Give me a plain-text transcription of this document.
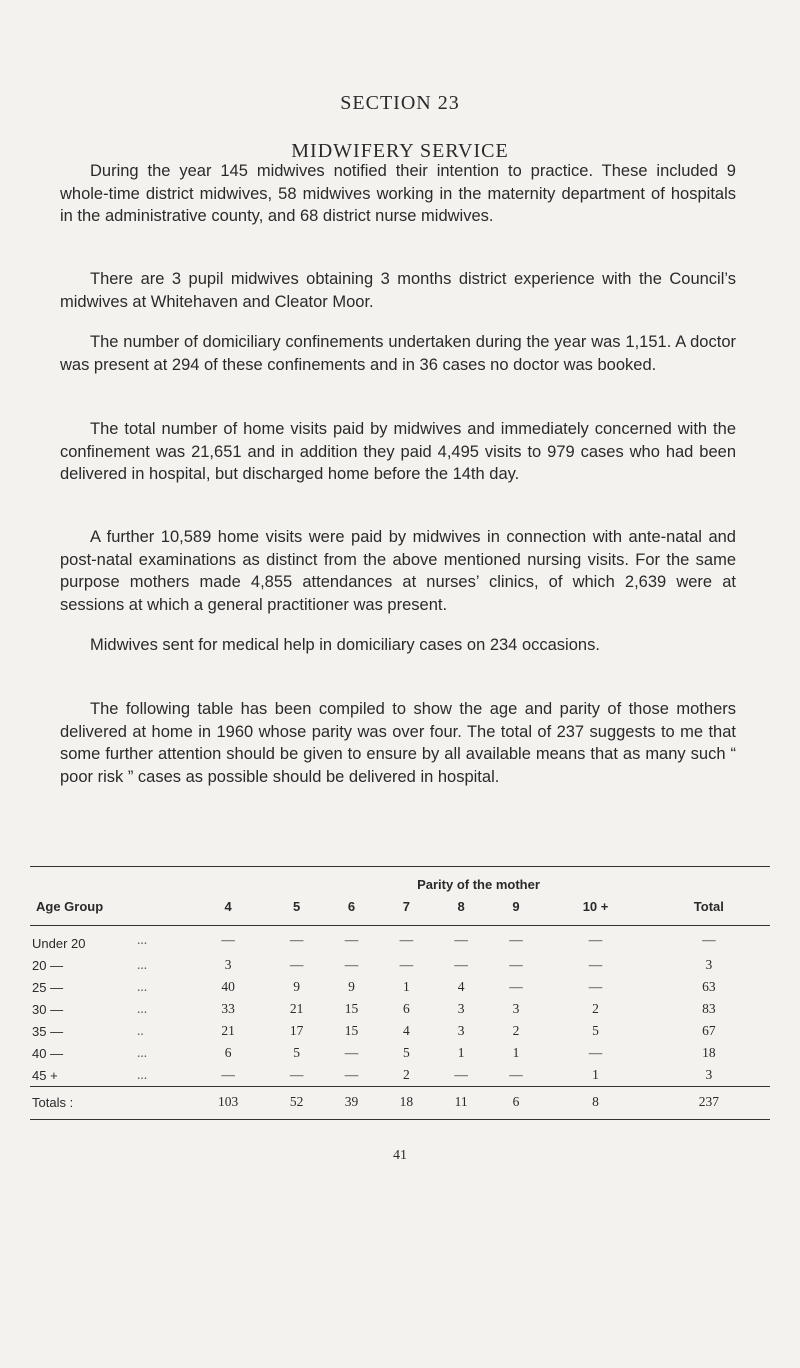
SECTION 23
MIDWIFERY SERVICE

During the year 145 midwives notified their intention to practice. These included 9 whole-time district midwives, 58 midwives working in the maternity department of hospitals in the administrative county, and 68 district nurse midwives.

There are 3 pupil midwives obtaining 3 months district experience with the Council’s midwives at Whitehaven and Cleator Moor.

The number of domiciliary confinements undertaken during the year was 1,151. A doctor was present at 294 of these confinements and in 36 cases no doctor was booked.

The total number of home visits paid by midwives and immediately concerned with the confinement was 21,651 and in addition they paid 4,495 visits to 979 cases who had been delivered in hospital, but discharged home before the 14th day.

A further 10,589 home visits were paid by midwives in connection with ante-natal and post-natal examinations as distinct from the above mentioned nursing visits. For the same purpose mothers made 4,855 attendances at nurses’ clinics, of which 2,639 were at sessions at which a general practitioner was present.

Midwives sent for medical help in domiciliary cases on 234 occasions.

The following table has been compiled to show the age and parity of those mothers delivered at home in 1960 whose parity was over four. The total of 237 suggests to me that some further attention should be given to ensure by all available means that as many such “ poor risk ” cases as possible should be delivered in hospital.

		Parity of the mother							
Age Group		4	5	6	7	8	9	10 +	Total
Under 20	...	—	—	—	—	—	—	—	—
20 —	...	3	—	—	—	—	—	—	3
25 —	...	40	9	9	1	4	—	—	63
30 —	...	33	21	15	6	3	3	2	83
35 —	..	21	17	15	4	3	2	5	67
40 —	...	6	5	—	5	1	1	—	18
45 +	...	—	—	—	2	—	—	1	3
Totals :		103	52	39	18	11	6	8	237
41
